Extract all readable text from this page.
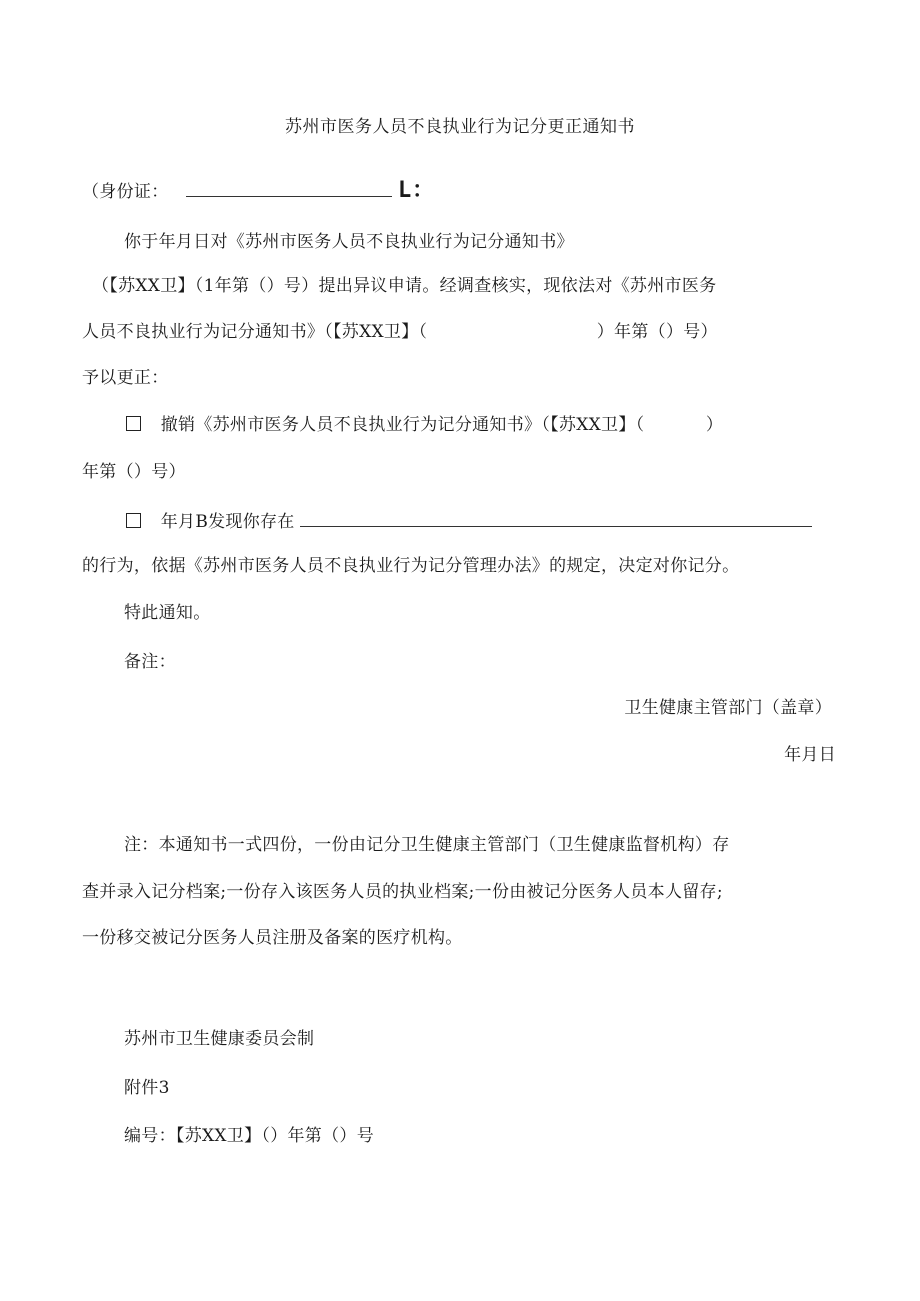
苏州市医务人员不良执业行为记分更正通知书
（身份证：	L：
你于年月日对《苏州市医务人员不良执业行为记分通知书》
（【苏XX卫】（1年第（）号）提出异议申请。经调查核实，现依法对《苏州市医务
人员不良执业行为记分通知书》（【苏XX卫】（	）年第（）号）
予以更正：
撤销《苏州市医务人员不良执业行为记分通知书》（【苏XX卫】（	）
年第（）号）
年月B发现你存在
的行为，依据《苏州市医务人员不良执业行为记分管理办法》的规定，决定对你记分。
特此通知。
备注：
卫生健康主管部门（盖章）
年月日
注：本通知书一式四份，一份由记分卫生健康主管部门（卫生健康监督机构）存
查并录入记分档案;一份存入该医务人员的执业档案;一份由被记分医务人员本人留存;
一份移交被记分医务人员注册及备案的医疗机构。
苏州市卫生健康委员会制
附件3
编号：【苏XX卫】（）年第（）号
